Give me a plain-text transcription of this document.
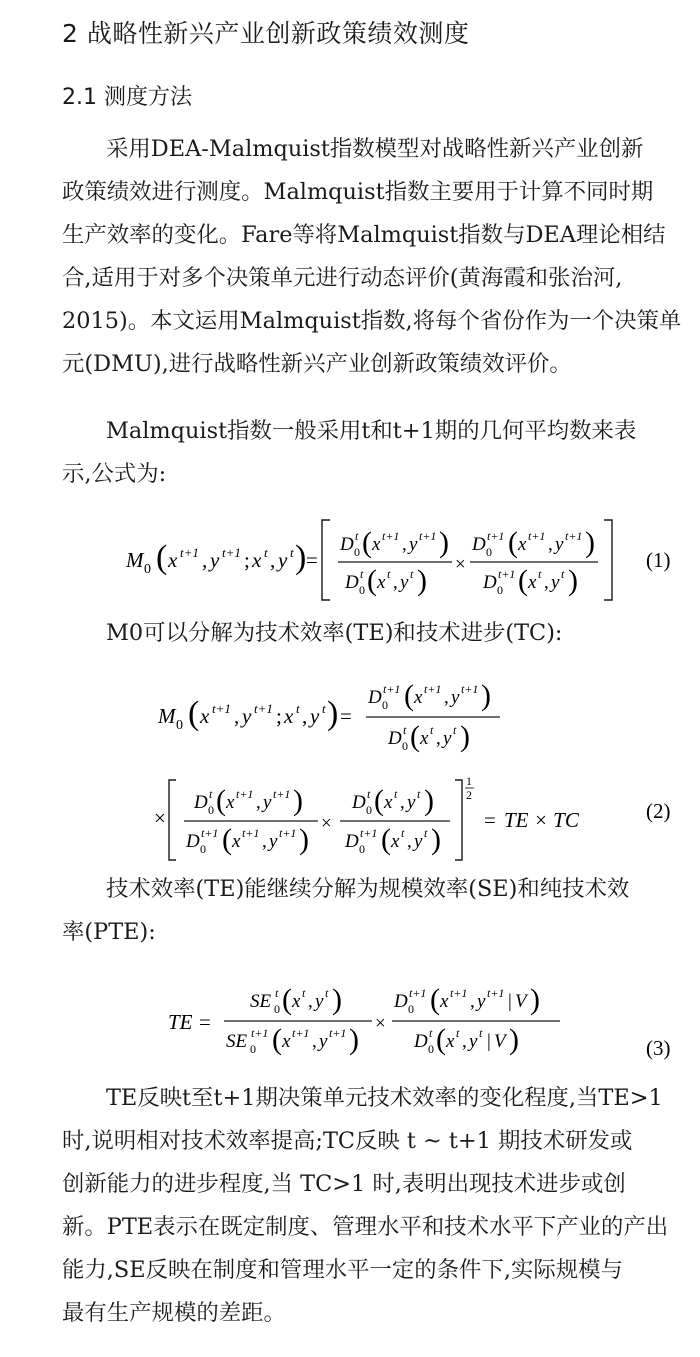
2 战略性新兴产业创新政策绩效测度
2.1 测度方法
采用DEA-Malmquist指数模型对战略性新兴产业创新
政策绩效进行测度。Malmquist指数主要用于计算不同时期
生产效率的变化。Fare等将Malmquist指数与DEA理论相结
合,适用于对多个决策单元进行动态评价(黄海霞和张治河,
2015)。本文运用Malmquist指数,将每个省份作为一个决策单
元(DMU),进行战略性新兴产业创新政策绩效评价。
Malmquist指数一般采用t和t+1期的几何平均数来表
示,公式为:
M 0 ( x t+1 , y t+1 ; x t , y t ) =
D 0
t ( x t+1 , y t+1 )
D 0
t ( x t , y t ) ×
D 0
t+1 ( x t+1 , y t+1 )
D 0
t+1 ( x t , y t )
(1)
M0可以分解为技术效率(TE)和技术进步(TC):
M 0 ( x t+1 , y t+1 ; x t , y t ) =
D 0
t+1 ( x t+1 , y t+1 )
D 0
t ( x t , y t )
×
1
2
D 0
t ( x t+1 , y t+1 )
D 0
t+1 ( x t+1 , y t+1 ) ×
D 0
t ( x t , y t )
D 0
t+1 ( x t , y t )
= TE × TC	(2)
技术效率(TE)能继续分解为规模效率(SE)和纯技术效
率(PTE):
TE =
SE 0
t ( x t , y t )
SE 0
t+1 ( x t+1 , y t+1 ) ×
D 0
t+1 ( x t+1 , y t+1 | V )
D 0
t ( x t , y t | V )	(3)
TE反映t至t+1期决策单元技术效率的变化程度,当TE>1
时,说明相对技术效率提高;TC反映 t ~ t+1 期技术研发或
创新能力的进步程度,当 TC>1 时,表明出现技术进步或创
新。PTE表示在既定制度、管理水平和技术水平下产业的产出
能力,SE反映在制度和管理水平一定的条件下,实际规模与
最有生产规模的差距。
